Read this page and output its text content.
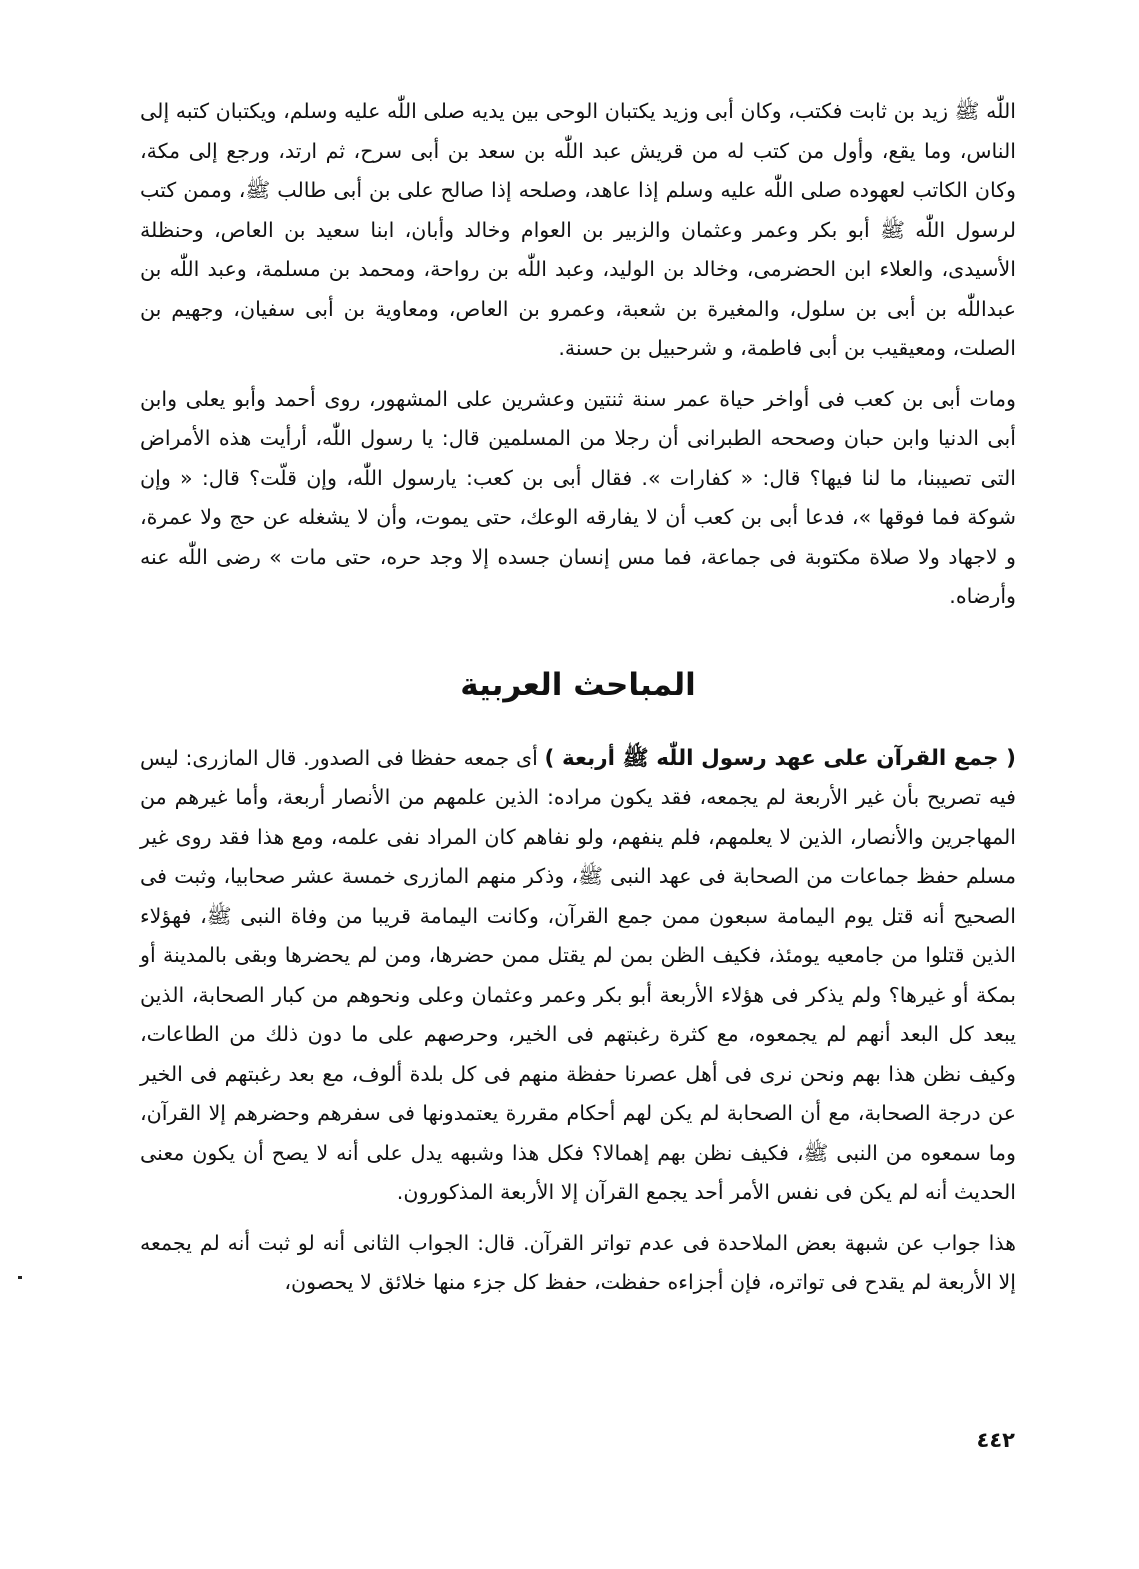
اللّٰه ﷺ زيد بن ثابت فكتب، وكان أبى وزيد يكتبان الوحى بين يديه صلى اللّٰه عليه وسلم، ويكتبان كتبه إلى الناس، وما يقع، وأول من كتب له من قريش عبد اللّٰه بن سعد بن أبى سرح، ثم ارتد، ورجع إلى مكة، وكان الكاتب لعهوده صلى اللّٰه عليه وسلم إذا عاهد، وصلحه إذا صالح على بن أبى طالب ﷺ، وممن كتب لرسول اللّٰه ﷺ أبو بكر وعمر وعثمان والزبير بن العوام وخالد وأبان، ابنا سعيد بن العاص، وحنظلة الأسيدى، والعلاء ابن الحضرمى، وخالد بن الوليد، وعبد اللّٰه بن رواحة، ومحمد بن مسلمة، وعبد اللّٰه بن عبداللّٰه بن أبى بن سلول، والمغيرة بن شعبة، وعمرو بن العاص، ومعاوية بن أبى سفيان، وجهيم بن الصلت، ومعيقيب بن أبى فاطمة، و شرحبيل بن حسنة.

ومات أبى بن كعب فى أواخر حياة عمر سنة ثنتين وعشرين على المشهور، روى أحمد وأبو يعلى وابن أبى الدنيا وابن حبان وصححه الطبرانى أن رجلا من المسلمين قال: يا رسول اللّٰه، أرأيت هذه الأمراض التى تصيبنا، ما لنا فيها؟ قال: « كفارات ». فقال أبى بن كعب: يارسول اللّٰه، وإن قلّت؟ قال: « وإن شوكة فما فوقها »، فدعا أبى بن كعب أن لا يفارقه الوعك، حتى يموت، وأن لا يشغله عن حج ولا عمرة، و لاجهاد ولا صلاة مكتوبة فى جماعة، فما مس إنسان جسده إلا وجد حره، حتى مات » رضى اللّٰه عنه وأرضاه.

المباحث العربية

( جمع القرآن على عهد رسول اللّٰه ﷺ أربعة ) أى جمعه حفظا فى الصدور. قال المازرى: ليس فيه تصريح بأن غير الأربعة لم يجمعه، فقد يكون مراده: الذين علمهم من الأنصار أربعة، وأما غيرهم من المهاجرين والأنصار، الذين لا يعلمهم، فلم ينفهم، ولو نفاهم كان المراد نفى علمه، ومع هذا فقد روى غير مسلم حفظ جماعات من الصحابة فى عهد النبى ﷺ، وذكر منهم المازرى خمسة عشر صحابيا، وثبت فى الصحيح أنه قتل يوم اليمامة سبعون ممن جمع القرآن، وكانت اليمامة قريبا من وفاة النبى ﷺ، فهؤلاء الذين قتلوا من جامعيه يومئذ، فكيف الظن بمن لم يقتل ممن حضرها، ومن لم يحضرها وبقى بالمدينة أو بمكة أو غيرها؟ ولم يذكر فى هؤلاء الأربعة أبو بكر وعمر وعثمان وعلى ونحوهم من كبار الصحابة، الذين يبعد كل البعد أنهم لم يجمعوه، مع كثرة رغبتهم فى الخير، وحرصهم على ما دون ذلك من الطاعات، وكيف نظن هذا بهم ونحن نرى فى أهل عصرنا حفظة منهم فى كل بلدة ألوف، مع بعد رغبتهم فى الخير عن درجة الصحابة، مع أن الصحابة لم يكن لهم أحكام مقررة يعتمدونها فى سفرهم وحضرهم إلا القرآن، وما سمعوه من النبى ﷺ، فكيف نظن بهم إهمالا؟ فكل هذا وشبهه يدل على أنه لا يصح أن يكون معنى الحديث أنه لم يكن فى نفس الأمر أحد يجمع القرآن إلا الأربعة المذكورون.

هذا جواب عن شبهة بعض الملاحدة فى عدم تواتر القرآن. قال: الجواب الثانى أنه لو ثبت أنه لم يجمعه إلا الأربعة لم يقدح فى تواتره، فإن أجزاءه حفظت، حفظ كل جزء منها خلائق لا يحصون،

٤٤٢
